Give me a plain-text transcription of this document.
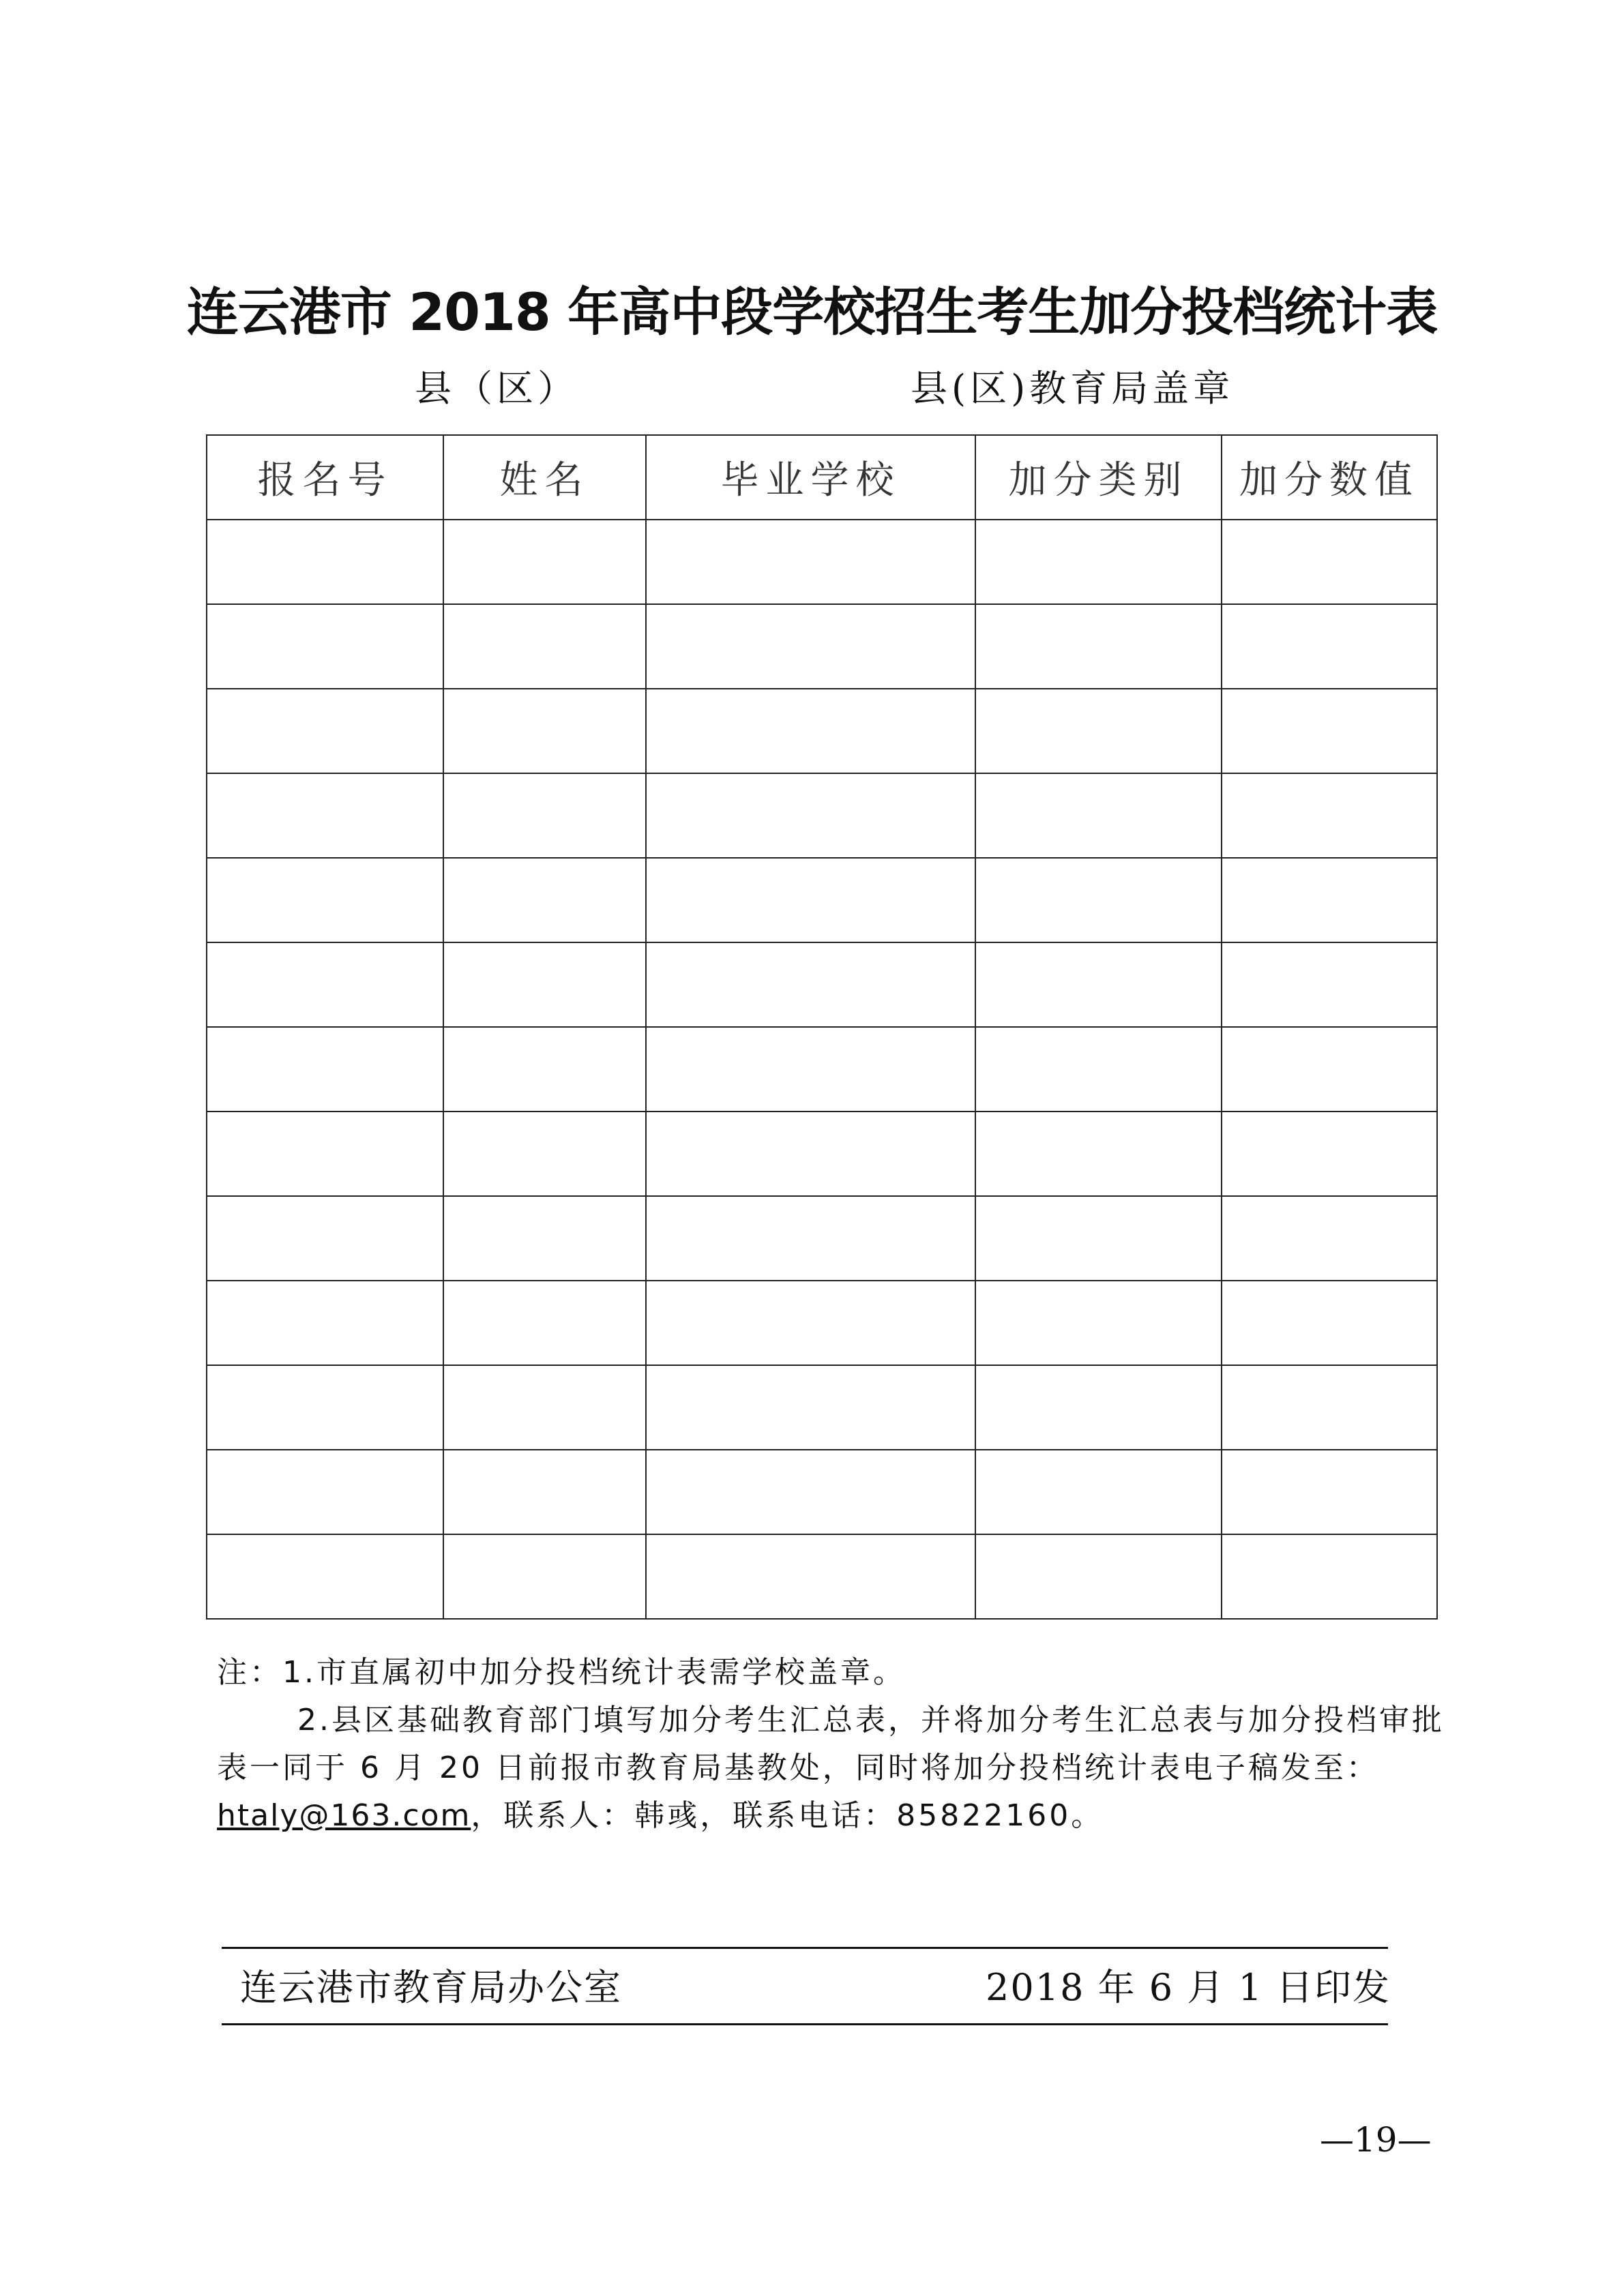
连云港市 2018 年高中段学校招生考生加分投档统计表
县（区）	县(区)教育局盖章
报名号	姓名	毕业学校	加分类别	加分数值

注：1.市直属初中加分投档统计表需学校盖章。
2.县区基础教育部门填写加分考生汇总表，并将加分考生汇总表与加分投档审批
表一同于 6 月 20 日前报市教育局基教处，同时将加分投档统计表电子稿发至：
htaly@163.com，联系人：韩彧，联系电话：85822160。
连云港市教育局办公室	2018 年 6 月 1 日印发
—19—
